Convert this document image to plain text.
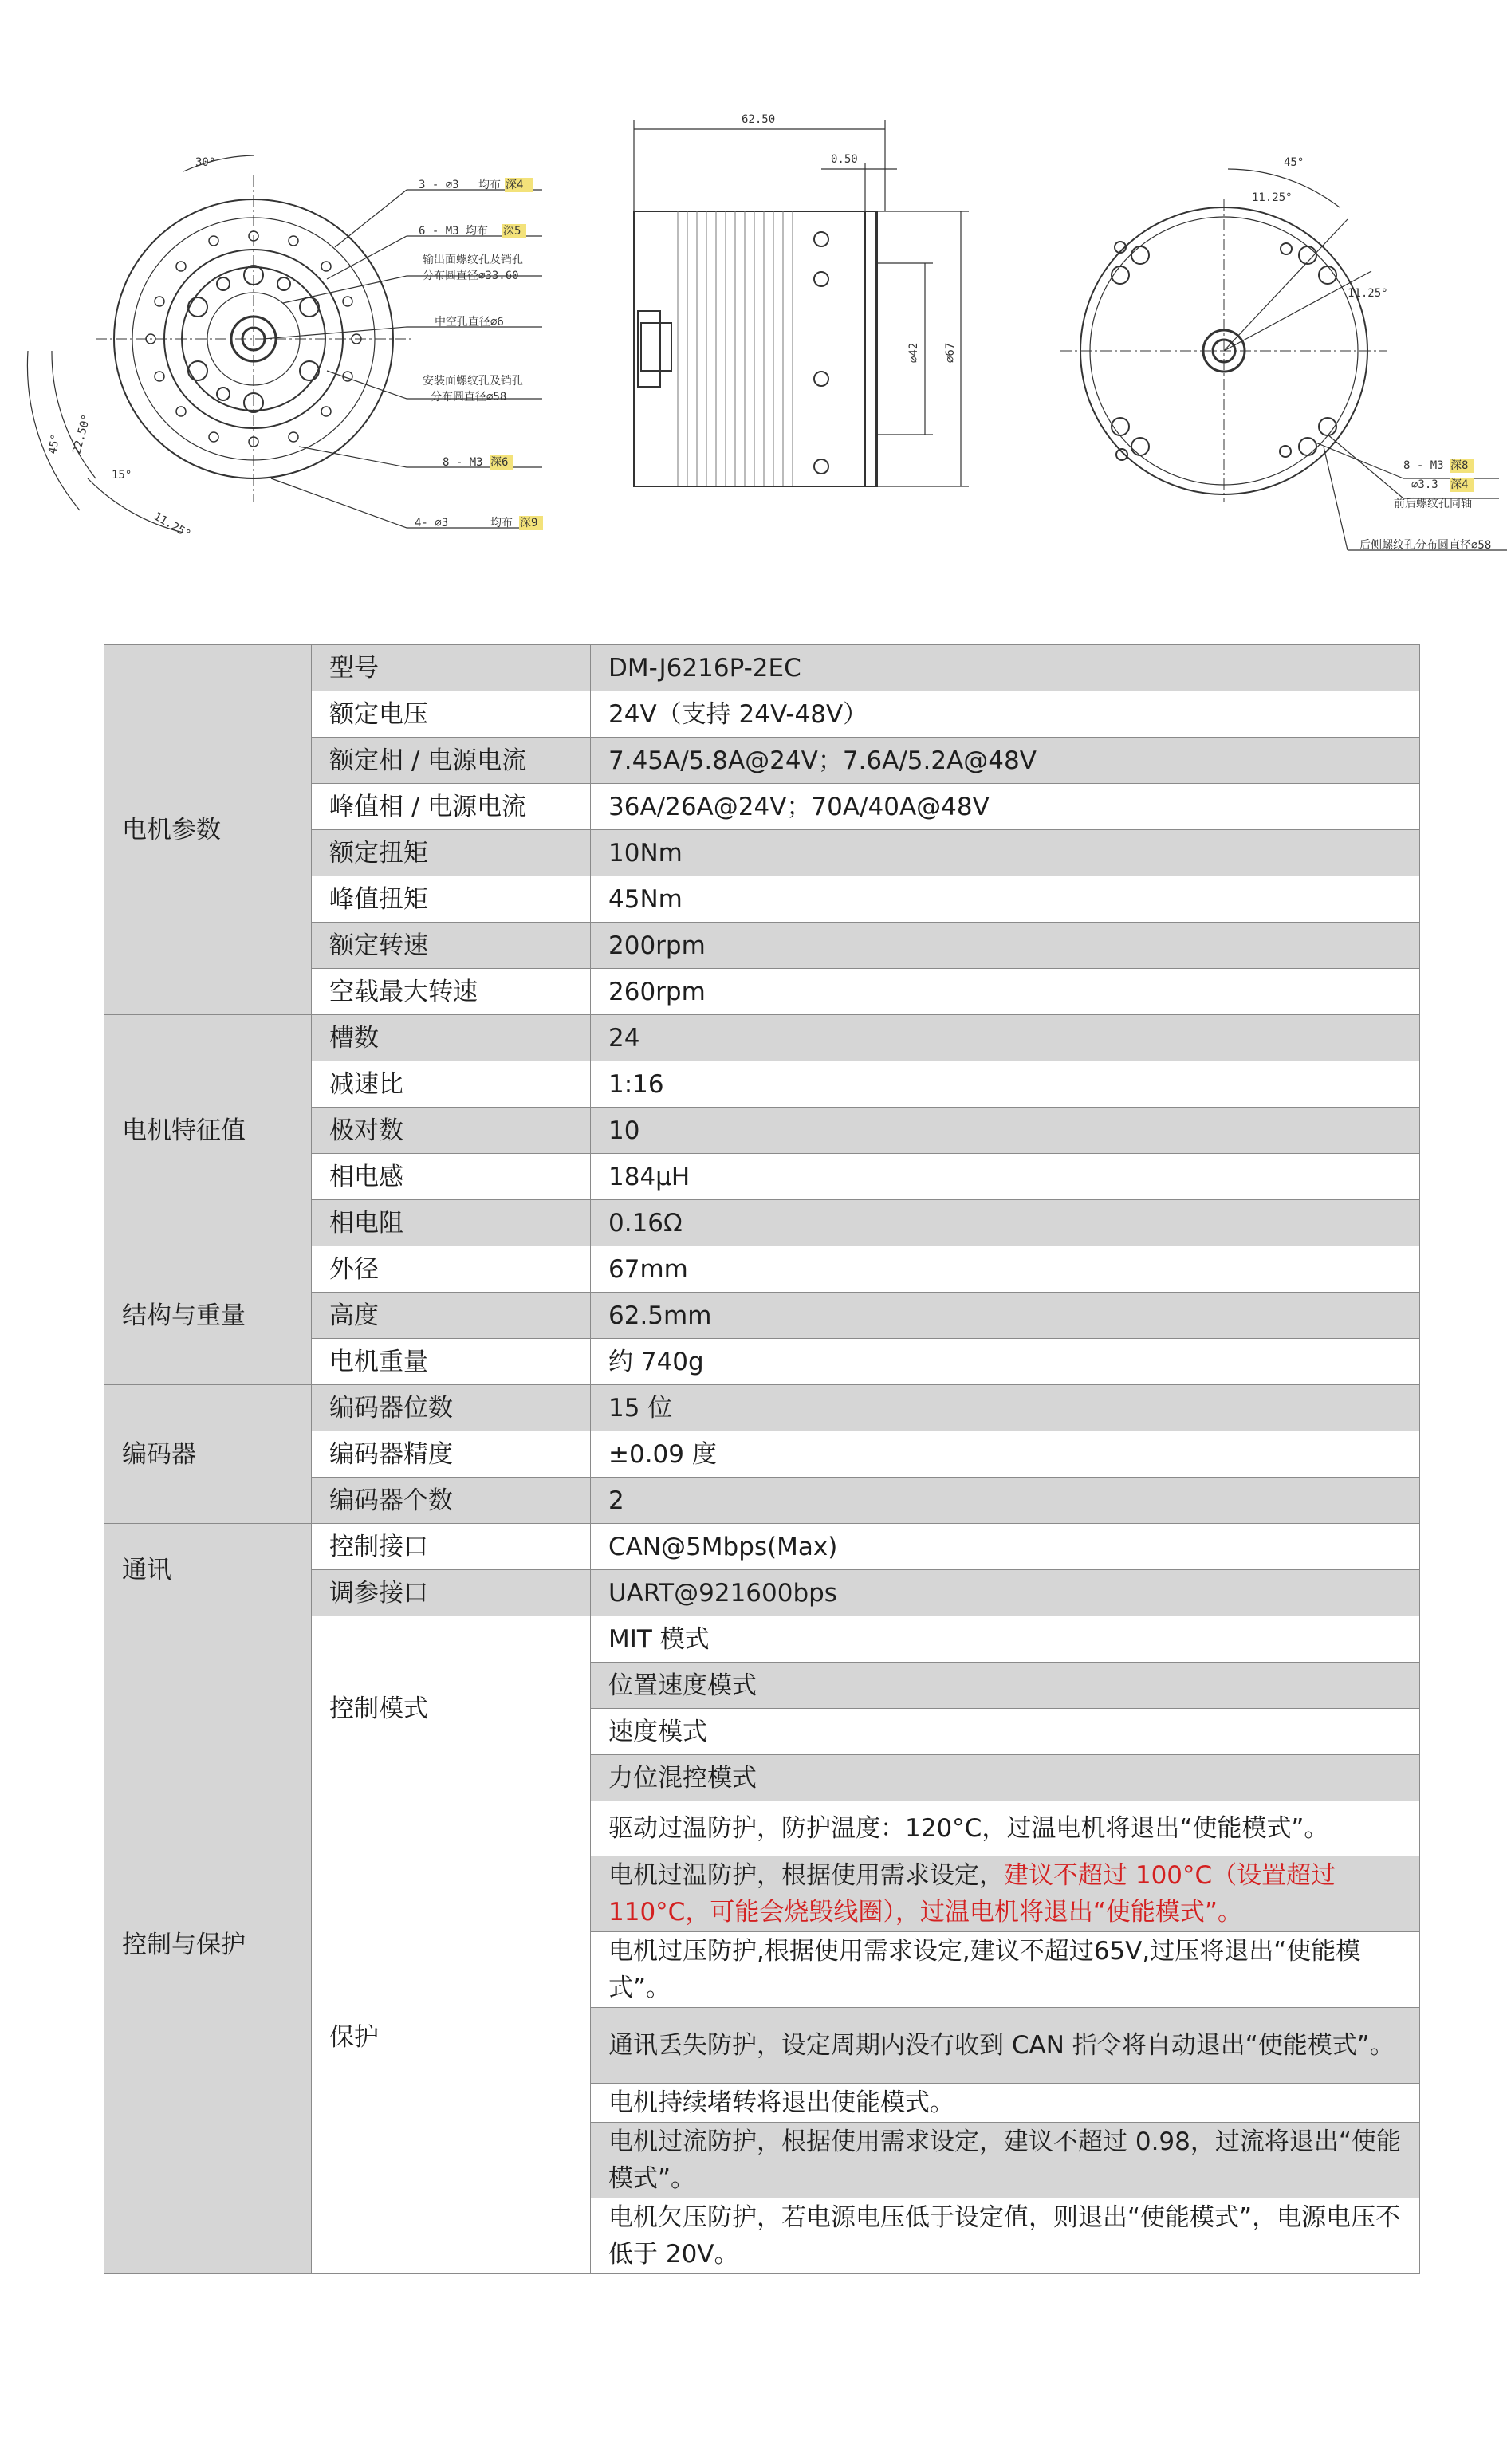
30°
45° 22.50°
15°
11.25°
3 - ⌀3 均布 深4
6 - M3 均布 深5
输出面螺纹孔及销孔
分布圆直径⌀33.60
中空孔直径⌀6
安装面螺纹孔及销孔
分布圆直径⌀58
8 - M3 深6
4- ⌀3	均布 深9
62.50
0.50
⌀42 ⌀67
45°
11.25°
11.25°
8 - M3 深8
⌀3.3 深4
前后螺纹孔同轴
后侧螺纹孔分布圆直径⌀58
电机参数	型号	DM-J6216P-2EC
	额定电压	24V（支持 24V-48V）
	额定相 / 电源电流	7.45A/5.8A@24V；7.6A/5.2A@48V
	峰值相 / 电源电流	36A/26A@24V；70A/40A@48V
	额定扭矩	10Nm
	峰值扭矩	45Nm
	额定转速	200rpm
	空载最大转速	260rpm
电机特征值	槽数	24
	减速比	1:16
	极对数	10
	相电感	184μH
	相电阻	0.16Ω
结构与重量	外径	67mm
	高度	62.5mm
	电机重量	约 740g
编码器	编码器位数	15 位
	编码器精度	±0.09 度
	编码器个数	2
通讯	控制接口	CAN@5Mbps(Max)
	调参接口	UART@921600bps
控制与保护	控制模式	MIT 模式
		位置速度模式
		速度模式
		力位混控模式
	保护	驱动过温防护，防护温度：120°C，过温电机将退出“使能模式”。
		电机过温防护，根据使用需求设定，建议不超过 100°C（设置超过 110°C，可能会烧毁线圈），过温电机将退出“使能模式”。
		电机过压防护,根据使用需求设定,建议不超过65V,过压将退出“使能模式”。
		通讯丢失防护，设定周期内没有收到 CAN 指令将自动退出“使能模式”。
		电机持续堵转将退出使能模式。
		电机过流防护，根据使用需求设定，建议不超过 0.98，过流将退出“使能模式”。
		电机欠压防护，若电源电压低于设定值，则退出“使能模式”，电源电压不低于 20V。
